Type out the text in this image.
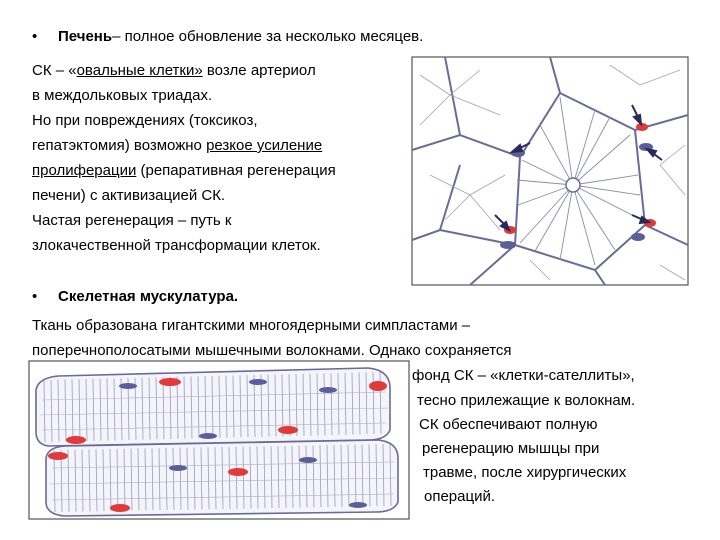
•	Печень – полное обновление за несколько месяцев.
СК – «овальные клетки» возле артериол
в междольковых триадах.
Но при повреждениях (токсикоз,
гепатэктомия) возможно резкое усиление
пролиферации (репаративная регенерация
печени) с активизацией СК.
Частая регенерация – путь к
злокачественной трансформации клеток.
•	Скелетная мускулатура.
Ткань образована гигантскими многоядерными симпластами –
поперечнополосатыми мышечными волокнами. Однако сохраняется
фонд СК – «клетки-сателлиты»,
тесно прилежащие к волокнам.
СК обеспечивают полную
регенерацию мышцы при
травме, после хирургических
операций.
